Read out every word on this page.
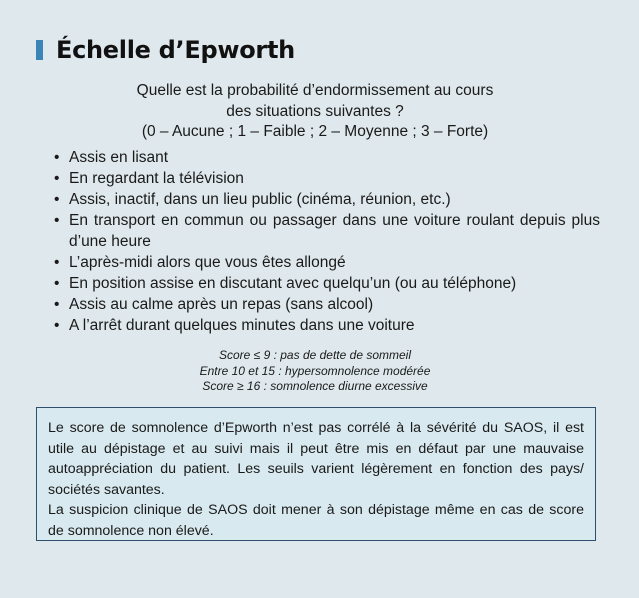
Échelle d’Epworth
Quelle est la probabilité d’endormissement au cours
des situations suivantes ?
(0 – Aucune ; 1 – Faible ; 2 – Moyenne ; 3 – Forte)
• Assis en lisant
• En regardant la télévision
• Assis, inactif, dans un lieu public (cinéma, réunion, etc.)
• En transport en commun ou passager dans une voiture roulant depuis plus d’une heure
• L’après-midi alors que vous êtes allongé
• En position assise en discutant avec quelqu’un (ou au téléphone)
• Assis au calme après un repas (sans alcool)
• A l’arrêt durant quelques minutes dans une voiture
Score ≤ 9 : pas de dette de sommeil
Entre 10 et 15 : hypersomnolence modérée
Score ≥ 16 : somnolence diurne excessive

Le score de somnolence d’Epworth n’est pas corrélé à la sévérité du SAOS, il est utile au dépistage et au suivi mais il peut être mis en défaut par une mauvaise autoappréciation du patient. Les seuils varient légèrement en fonction des pays/ sociétés savantes.

La suspicion clinique de SAOS doit mener à son dépistage même en cas de score de somnolence non élevé.
